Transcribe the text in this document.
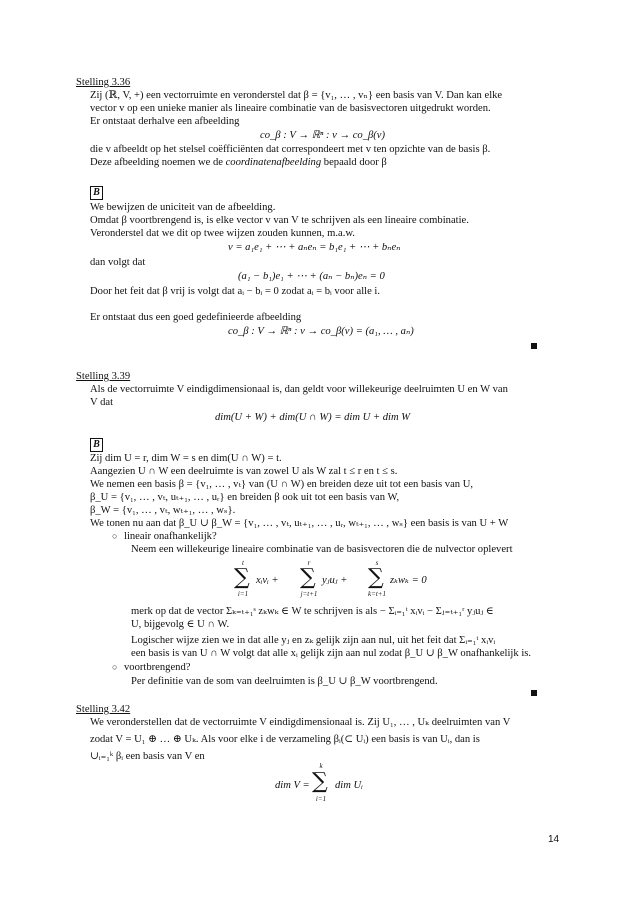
Stelling 3.36
Zij (ℝ, V, +) een vectorruimte en veronderstel dat β = {v₁, … , vₙ} een basis van V. Dan kan elke
vector v op een unieke manier als lineaire combinatie van de basisvectoren uitgedrukt worden.
Er ontstaat derhalve een afbeelding
co_β : V → ℝⁿ : v → co_β(v)
die v afbeeldt op het stelsel coëfficiënten dat correspondeert met v ten opzichte van de basis β.
Deze afbeelding noemen we de coordinatenafbeelding bepaald door β
B
We bewijzen de uniciteit van de afbeelding.
Omdat β voortbrengend is, is elke vector v van V te schrijven als een lineaire combinatie.
Veronderstel dat we dit op twee wijzen zouden kunnen, m.a.w.
v = a₁e₁ + ⋯ + aₙeₙ = b₁e₁ + ⋯ + bₙeₙ
dan volgt dat
(a₁ − b₁)e₁ + ⋯ + (aₙ − bₙ)eₙ = 0
Door het feit dat β vrij is volgt dat aᵢ − bᵢ = 0 zodat aᵢ = bᵢ voor alle i.
Er ontstaat dus een goed gedefinieerde afbeelding
co_β : V → ℝⁿ : v → co_β(v) = (a₁, … , aₙ)
Stelling 3.39
Als de vectorruimte V eindigdimensionaal is, dan geldt voor willekeurige deelruimten U en W van
V dat
dim(U + W) + dim(U ∩ W) = dim U + dim W
B
Zij dim U = r, dim W = s en dim(U ∩ W) = t.
Aangezien U ∩ W een deelruimte is van zowel U als W zal t ≤ r en t ≤ s.
We nemen een basis β = {v₁, … , vₜ} van (U ∩ W) en breiden deze uit tot een basis van U,
β_U = {v₁, … , vₜ, uₜ₊₁, … , uᵣ} en breiden β ook uit tot een basis van W,
β_W = {v₁, … , vₜ, wₜ₊₁, … , wₛ}.
We tonen nu aan dat β_U ∪ β_W = {v₁, … , vₜ, uₜ₊₁, … , uᵣ, wₜ₊₁, … , wₛ} een basis is van U + W
○ lineair onafhankelijk?
Neem een willekeurige lineaire combinatie van de basisvectoren die de nulvector oplevert
t
∑
i=1
xᵢvᵢ +
r
∑
j=t+1
yⱼuⱼ +
s
∑
k=t+1
zₖwₖ = 0
merk op dat de vector Σₖ₌ₜ₊₁ˢ zₖwₖ ∈ W te schrijven is als − Σᵢ₌₁ᵗ xᵢvᵢ − Σⱼ₌ₜ₊₁ʳ yⱼuⱼ ∈
U, bijgevolg ∈ U ∩ W.
Logischer wijze zien we in dat alle yⱼ en zₖ gelijk zijn aan nul, uit het feit dat Σᵢ₌₁ᵗ xᵢvᵢ
een basis is van U ∩ W volgt dat alle xᵢ gelijk zijn aan nul zodat β_U ∪ β_W onafhankelijk is.
○ voortbrengend?
Per definitie van de som van deelruimten is β_U ∪ β_W voortbrengend.
Stelling 3.42
We veronderstellen dat de vectorruimte V eindigdimensionaal is. Zij U₁, … , Uₖ deelruimten van V
zodat V = U₁ ⊕ … ⊕ Uₖ. Als voor elke i de verzameling βᵢ(⊂ Uᵢ) een basis is van Uᵢ, dan is
∪ᵢ₌₁ᵏ βᵢ een basis van V en
dim V =
k
∑
i=1
dim Uᵢ
14
